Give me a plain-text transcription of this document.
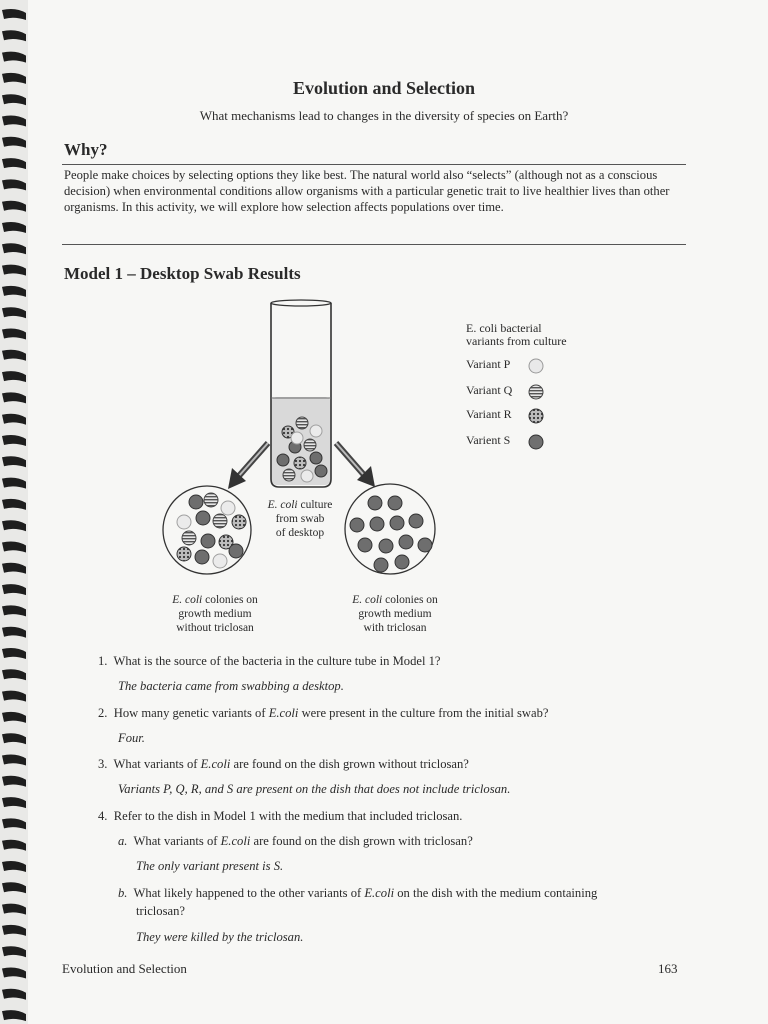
Evolution and Selection
What mechanisms lead to changes in the diversity of species on Earth?
Why?
People make choices by selecting options they like best. The natural world also “selects” (although not as a conscious decision) when environmental conditions allow organisms with a particular genetic trait to live healthier lives than other organisms. In this activity, we will explore how selection affects populations over time.
Model 1 – Desktop Swab Results
E. coli bacterial
variants from culture
Variant P
Variant Q
Variant R
Varient S
E. coli culture
from swab
of desktop
E. coli colonies on
growth medium
without triclosan
E. coli colonies on
growth medium
with triclosan
1. What is the source of the bacteria in the culture tube in Model 1?
The bacteria came from swabbing a desktop.
2. How many genetic variants of E.coli were present in the culture from the initial swab?
Four.
3. What variants of E.coli are found on the dish grown without triclosan?
Variants P, Q, R, and S are present on the dish that does not include triclosan.
4. Refer to the dish in Model 1 with the medium that included triclosan.
a. What variants of E.coli are found on the dish grown with triclosan?
The only variant present is S.
b. What likely happened to the other variants of E.coli on the dish with the medium containing
triclosan?
They were killed by the triclosan.
Evolution and Selection	163
